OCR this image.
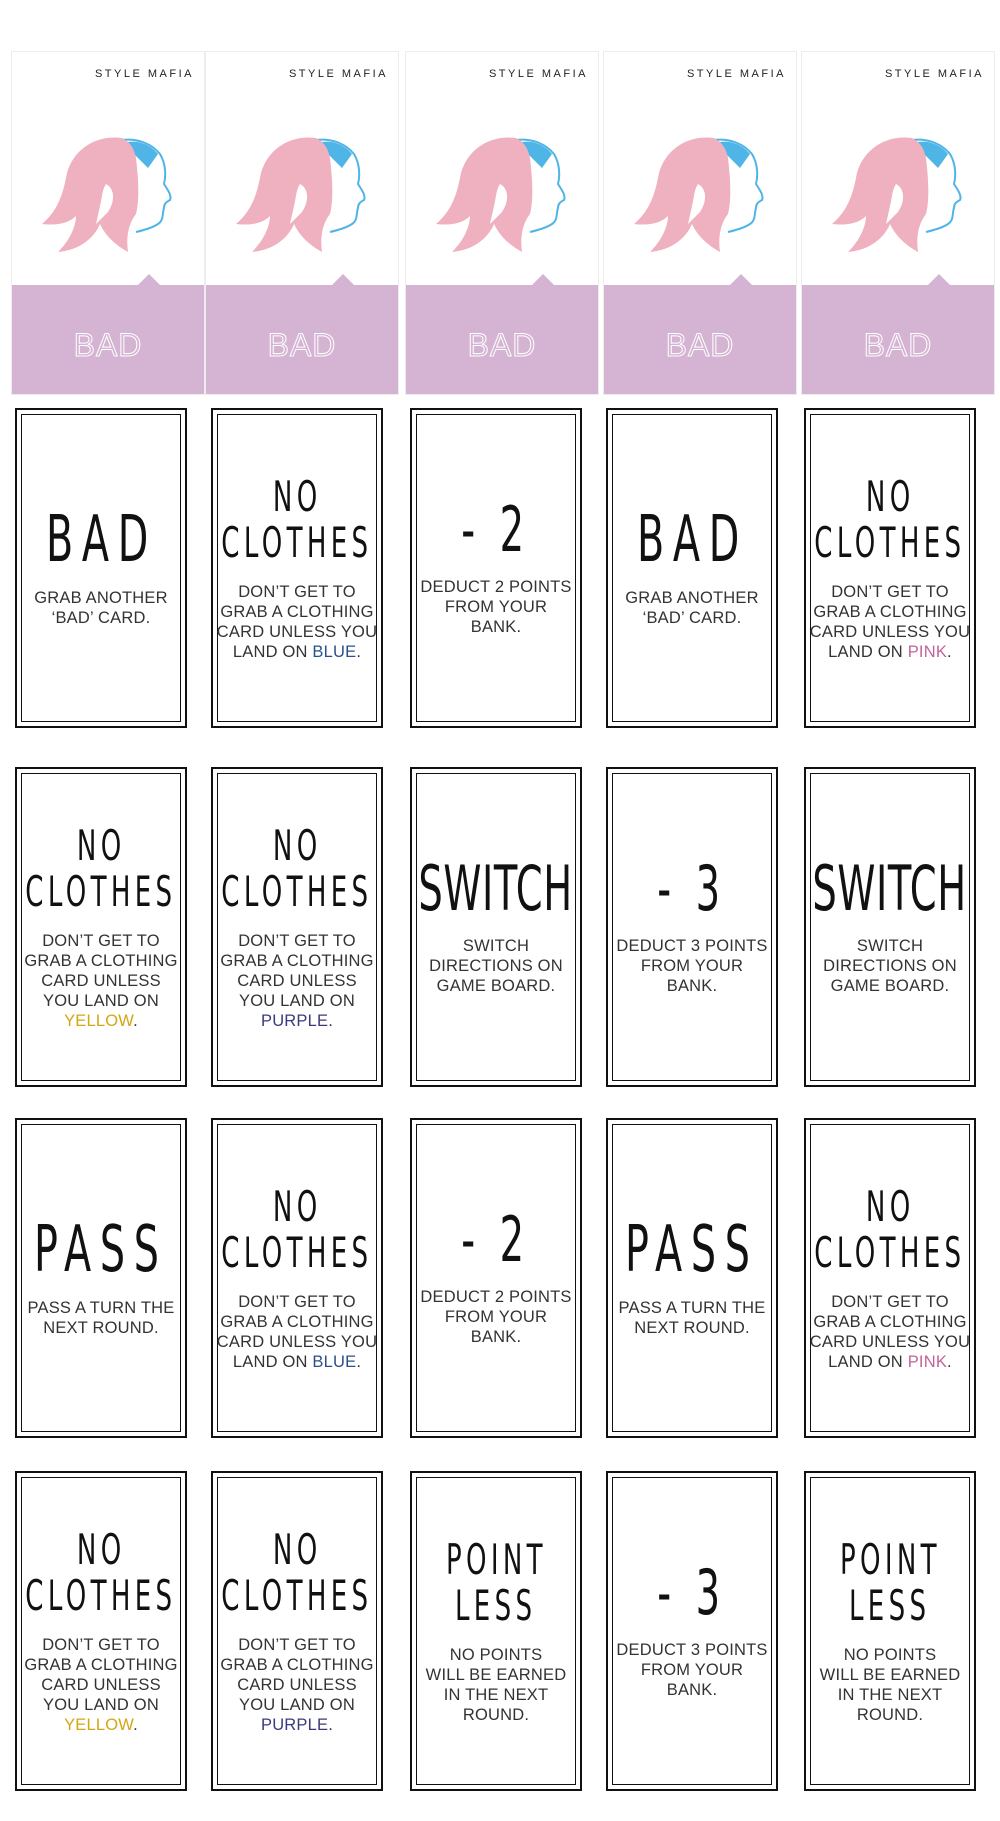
STYLE MAFIA
BAD
STYLE MAFIA
BAD
STYLE MAFIA
BAD
STYLE MAFIA
BAD
STYLE MAFIA
BAD
BAD
GRAB ANOTHER
‘BAD’ CARD.
NO
CLOTHES
DON’T GET TO
GRAB A CLOTHING
CARD UNLESS YOU
LAND ON BLUE.
- 2
DEDUCT 2 POINTS
FROM YOUR
BANK.
BAD
GRAB ANOTHER
‘BAD’ CARD.
NO
CLOTHES
DON’T GET TO
GRAB A CLOTHING
CARD UNLESS YOU
LAND ON PINK.
NO
CLOTHES
DON’T GET TO
GRAB A CLOTHING
CARD UNLESS
YOU LAND ON
YELLOW.
NO
CLOTHES
DON’T GET TO
GRAB A CLOTHING
CARD UNLESS
YOU LAND ON
PURPLE.
SWITCH
SWITCH
DIRECTIONS ON
GAME BOARD.
- 3
DEDUCT 3 POINTS
FROM YOUR
BANK.
SWITCH
SWITCH
DIRECTIONS ON
GAME BOARD.
PASS
PASS A TURN THE
NEXT ROUND.
NO
CLOTHES
DON’T GET TO
GRAB A CLOTHING
CARD UNLESS YOU
LAND ON BLUE.
- 2
DEDUCT 2 POINTS
FROM YOUR
BANK.
PASS
PASS A TURN THE
NEXT ROUND.
NO
CLOTHES
DON’T GET TO
GRAB A CLOTHING
CARD UNLESS YOU
LAND ON PINK.
NO
CLOTHES
DON’T GET TO
GRAB A CLOTHING
CARD UNLESS
YOU LAND ON
YELLOW.
NO
CLOTHES
DON’T GET TO
GRAB A CLOTHING
CARD UNLESS
YOU LAND ON
PURPLE.
POINT
LESS
NO POINTS
WILL BE EARNED
IN THE NEXT
ROUND.
- 3
DEDUCT 3 POINTS
FROM YOUR
BANK.
POINT
LESS
NO POINTS
WILL BE EARNED
IN THE NEXT
ROUND.
